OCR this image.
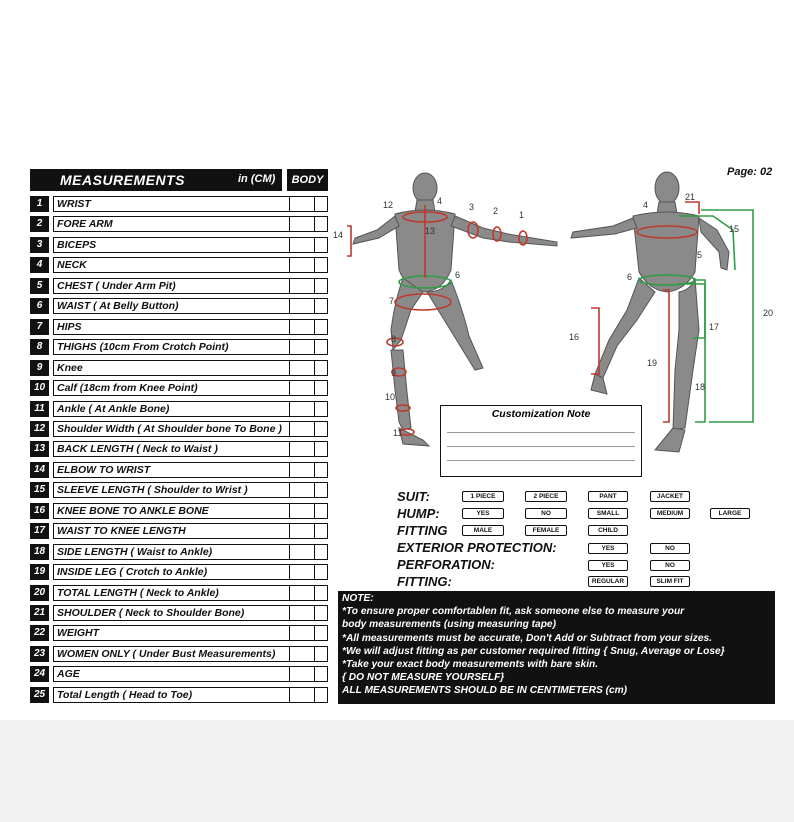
MEASUREMENTS	in (CM)	BODY
Page: 02
1	WRIST
2	FORE ARM
3	BICEPS
4	NECK
5	CHEST ( Under Arm Pit)
6	WAIST ( At Belly Button)
7	HIPS
8	THIGHS (10cm From Crotch Point)
9	Knee
10	Calf (18cm from Knee Point)
11	Ankle ( At Ankle Bone)
12	Shoulder Width ( At Shoulder bone To Bone )
13	BACK LENGTH ( Neck to Waist )
14	ELBOW TO WRIST
15	SLEEVE LENGTH ( Shoulder to Wrist )
16	KNEE BONE TO ANKLE BONE
17	WAIST TO KNEE LENGTH
18	SIDE LENGTH ( Waist to Ankle)
19	INSIDE LEG ( Crotch to Ankle)
20	TOTAL LENGTH ( Neck to Ankle)
21	SHOULDER ( Neck to Shoulder Bone)
22	WEIGHT
23	WOMEN ONLY ( Under Bust Measurements)
24	AGE
25	Total Length ( Head to Toe)
12	4
3 2 1
14	13
6
7
8
9
10
11
4
21
15
5
6
20
17
16
19
18
Customization Note
SUIT:	1 PIECE	2 PIECE	PANT	JACKET
HUMP:	YES	NO	SMALL	MEDIUM	LARGE
FITTING	MALE	FEMALE	CHILD
EXTERIOR PROTECTION:	YES	NO
PERFORATION:	YES	NO
FITTING:	REGULAR	SLIM FIT
NOTE:
*To ensure proper comfortablen fit, ask someone else to measure your
body measurements (using measuring tape)
*All measurements must be accurate, Don't Add or Subtract from your sizes.
*We will adjust fitting as per customer required fitting { Snug, Average or Lose}
*Take your exact body measurements with bare skin.
{ DO NOT MEASURE YOURSELF}
ALL MEASUREMENTS SHOULD BE IN CENTIMETERS (cm)
